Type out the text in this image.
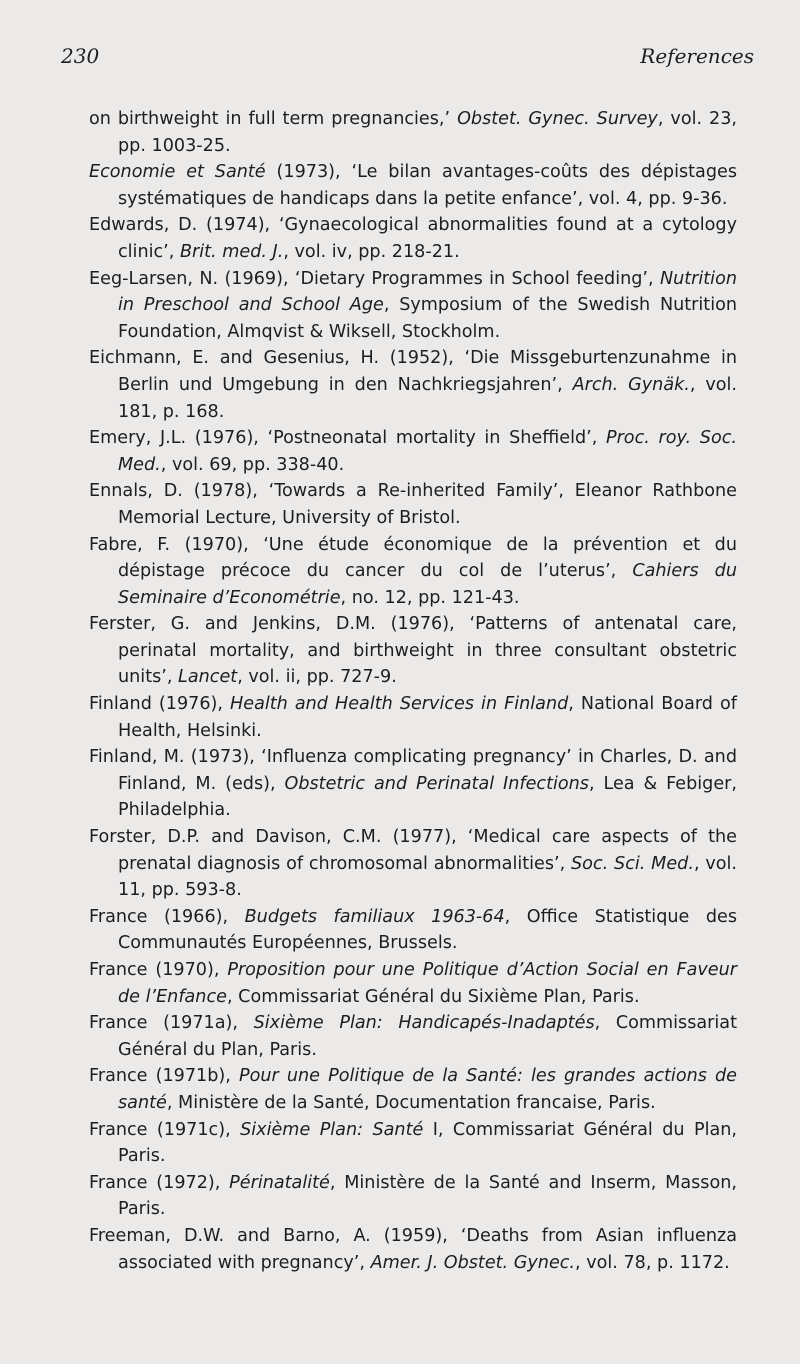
230	References
on birthweight in full term pregnancies,’ Obstet. Gynec. Survey, vol. 23, pp. 1003-25.
Economie et Santé (1973), ‘Le bilan avantages-coûts des dépistages systématiques de handicaps dans la petite enfance’, vol. 4, pp. 9-36.
Edwards, D. (1974), ‘Gynaecological abnormalities found at a cytology clinic’, Brit. med. J., vol. iv, pp. 218-21.
Eeg-Larsen, N. (1969), ‘Dietary Programmes in School feeding’, Nutrition in Preschool and School Age, Symposium of the Swedish Nutrition Foundation, Almqvist & Wiksell, Stockholm.
Eichmann, E. and Gesenius, H. (1952), ‘Die Missgeburtenzunahme in Berlin und Umgebung in den Nachkriegsjahren’, Arch. Gynäk., vol. 181, p. 168.
Emery, J.L. (1976), ‘Postneonatal mortality in Sheffield’, Proc. roy. Soc. Med., vol. 69, pp. 338-40.
Ennals, D. (1978), ‘Towards a Re-inherited Family’, Eleanor Rathbone Memorial Lecture, University of Bristol.
Fabre, F. (1970), ‘Une étude économique de la prévention et du dépistage précoce du cancer du col de l’uterus’, Cahiers du Seminaire d’Econométrie, no. 12, pp. 121-43.
Ferster, G. and Jenkins, D.M. (1976), ‘Patterns of antenatal care, perinatal mortality, and birthweight in three consultant obstetric units’, Lancet, vol. ii, pp. 727-9.
Finland (1976), Health and Health Services in Finland, National Board of Health, Helsinki.
Finland, M. (1973), ‘Influenza complicating pregnancy’ in Charles, D. and Finland, M. (eds), Obstetric and Perinatal Infections, Lea & Febiger, Philadelphia.
Forster, D.P. and Davison, C.M. (1977), ‘Medical care aspects of the prenatal diagnosis of chromosomal abnormalities’, Soc. Sci. Med., vol. 11, pp. 593-8.
France (1966), Budgets familiaux 1963-64, Office Statistique des Communautés Européennes, Brussels.
France (1970), Proposition pour une Politique d’Action Social en Faveur de l’Enfance, Commissariat Général du Sixième Plan, Paris.
France (1971a), Sixième Plan: Handicapés-Inadaptés, Commissariat Général du Plan, Paris.
France (1971b), Pour une Politique de la Santé: les grandes actions de santé, Ministère de la Santé, Documentation francaise, Paris.
France (1971c), Sixième Plan: Santé I, Commissariat Général du Plan, Paris.
France (1972), Périnatalité, Ministère de la Santé and Inserm, Masson, Paris.
Freeman, D.W. and Barno, A. (1959), ‘Deaths from Asian influenza associated with pregnancy’, Amer. J. Obstet. Gynec., vol. 78, p. 1172.
